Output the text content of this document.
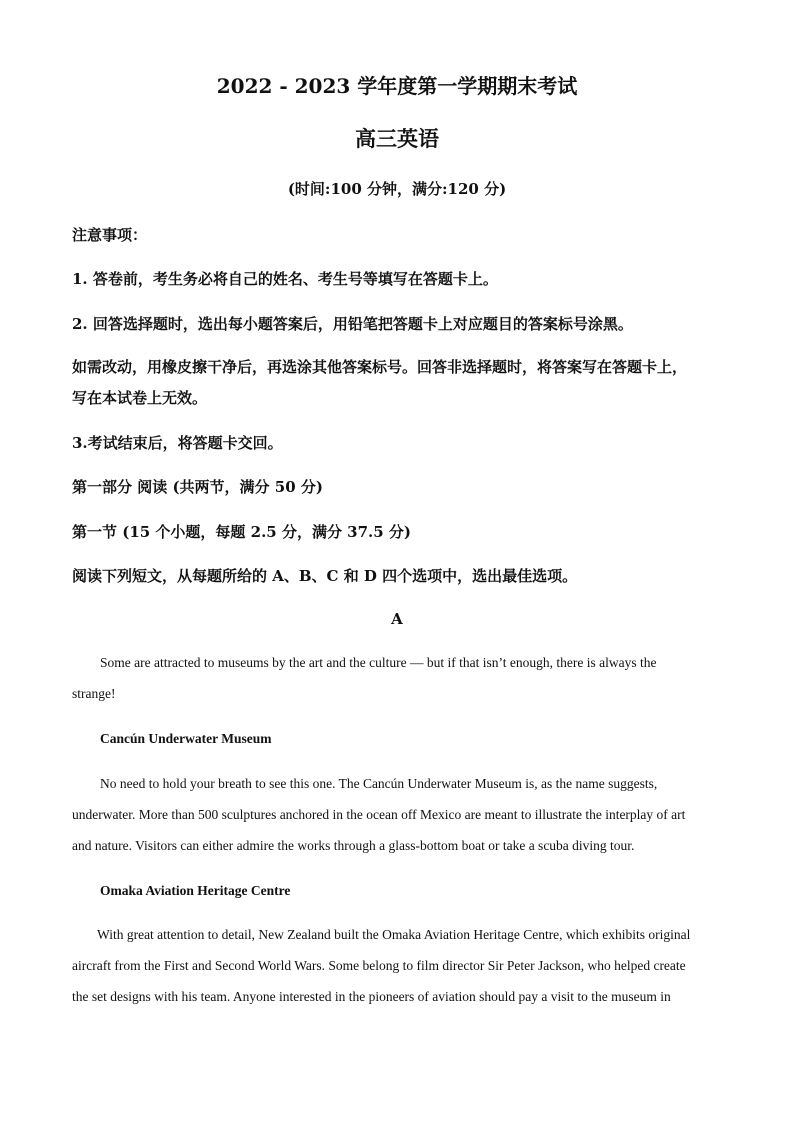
2022 - 2023 学年度第一学期期末考试
高三英语
(时间:100 分钟，满分:120 分)
注意事项：
1. 答卷前，考生务必将自己的姓名、考生号等填写在答题卡上。
2. 回答选择题时，选出每小题答案后，用铅笔把答题卡上对应题目的答案标号涂黑。
如需改动，用橡皮擦干净后，再选涂其他答案标号。回答非选择题时，将答案写在答题卡上，
写在本试卷上无效。
3.考试结束后，将答题卡交回。
第一部分 阅读 (共两节，满分 50 分)
第一节 (15 个小题，每题 2.5 分，满分 37.5 分)
阅读下列短文，从每题所给的 A、B、C 和 D 四个选项中，选出最佳选项。
A
Some are attracted to museums by the art and the culture — but if that isn’t enough, there is always the
strange!
Cancún Underwater Museum
No need to hold your breath to see this one. The Cancún Underwater Museum is, as the name suggests,
underwater. More than 500 sculptures anchored in the ocean off Mexico are meant to illustrate the interplay of art
and nature. Visitors can either admire the works through a glass-bottom boat or take a scuba diving tour.
Omaka Aviation Heritage Centre
With great attention to detail, New Zealand built the Omaka Aviation Heritage Centre, which exhibits original
aircraft from the First and Second World Wars. Some belong to film director Sir Peter Jackson, who helped create
the set designs with his team. Anyone interested in the pioneers of aviation should pay a visit to the museum in
